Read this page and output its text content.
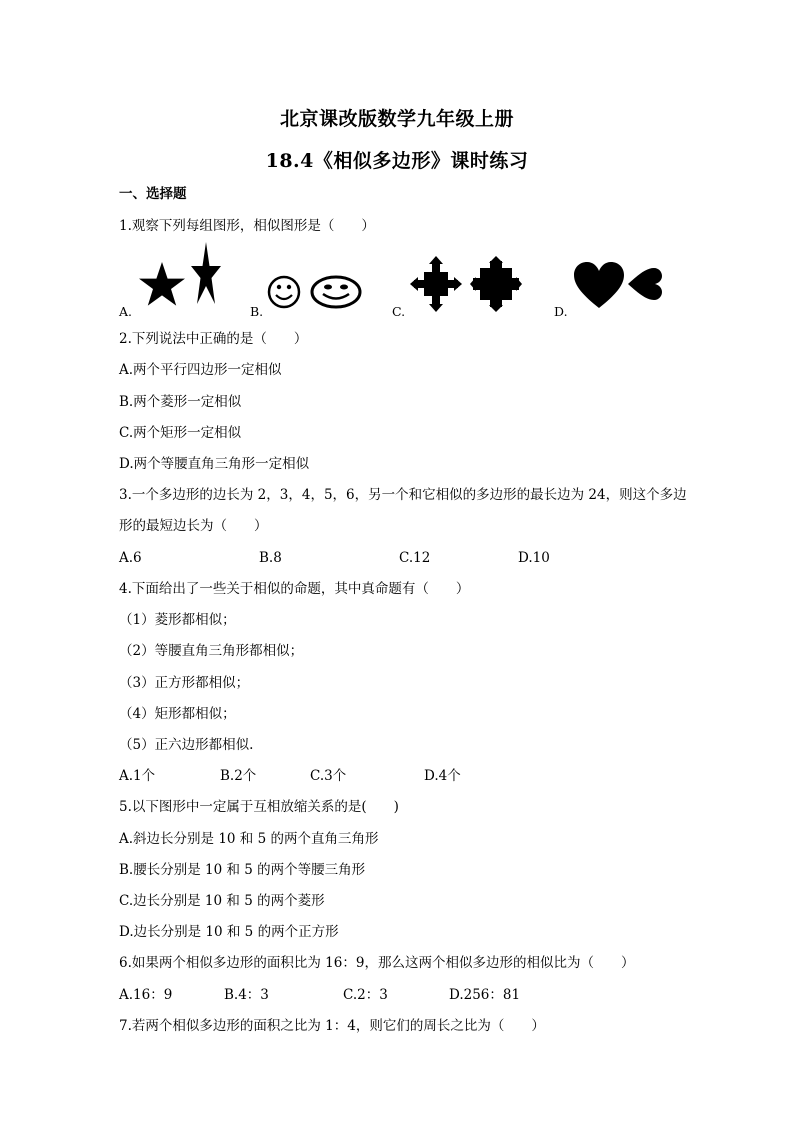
北京课改版数学九年级上册
18.4《相似多边形》课时练习
一、选择题
1.观察下列每组图形，相似图形是（　　）
A.	B.	C.	D.
2.下列说法中正确的是（　　）
A.两个平行四边形一定相似
B.两个菱形一定相似
C.两个矩形一定相似
D.两个等腰直角三角形一定相似
3.一个多边形的边长为 2，3，4，5，6，另一个和它相似的多边形的最长边为 24，则这个多边
形的最短边长为（　　）
A.6	B.8	C.12	D.10
4.下面给出了一些关于相似的命题，其中真命题有（　　）
（1）菱形都相似；
（2）等腰直角三角形都相似；
（3）正方形都相似；
（4）矩形都相似；
（5）正六边形都相似.
A.1个	B.2个	C.3个	D.4个
5.以下图形中一定属于互相放缩关系的是(　　)
A.斜边长分别是 10 和 5 的两个直角三角形
B.腰长分别是 10 和 5 的两个等腰三角形
C.边长分别是 10 和 5 的两个菱形
D.边长分别是 10 和 5 的两个正方形
6.如果两个相似多边形的面积比为 16：9，那么这两个相似多边形的相似比为（　　）
A.16：9	B.4：3	C.2：3	D.256：81
7.若两个相似多边形的面积之比为 1：4，则它们的周长之比为（　　）
